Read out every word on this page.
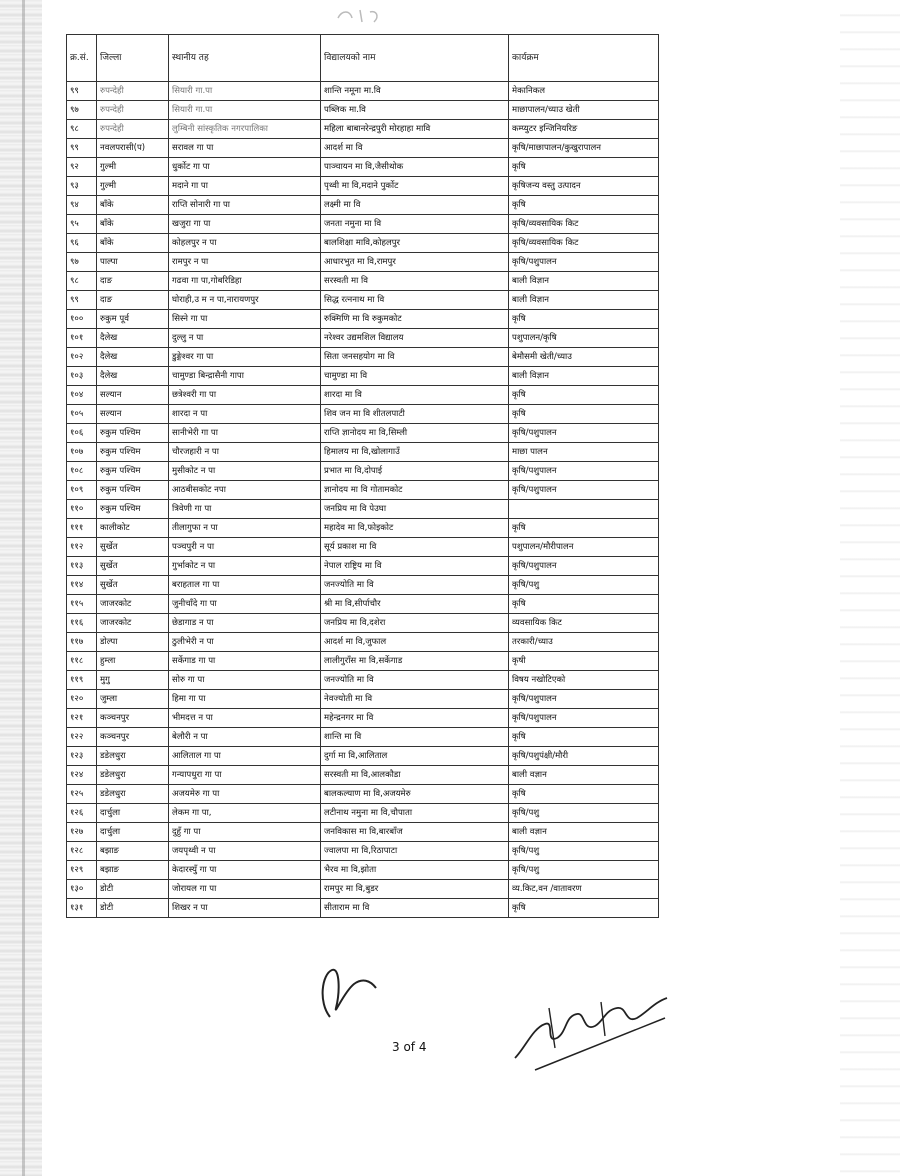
क्र.सं.	जिल्ला	स्थानीय तह	विद्यालयको नाम	कार्यक्रम
९९	रुपन्देही	सियारी गा.पा	शान्ति नमूना मा.वि	मेकानिकल
९७	रुपन्देही	सियारी गा.पा	पब्लिक मा.वि	माछापालन/च्याउ खेती
९८	रुपन्देही	लुम्बिनी सांस्कृतिक नगरपालिका	महिला बाबानरेन्द्रपुरी मोरहाहा मावि	कम्प्युटर इन्जिनियरिङ
९९	नवलपरासी(प)	सरावल गा पा	आदर्श मा वि	कृषि/माछापालन/कुखुरापालन
९२	गुल्मी	धुर्कोट गा पा	पाञ्चायन मा वि,जैसीथोक	कृषि
९३	गुल्मी	मदाने गा पा	पृथ्वी मा वि,मदाने पुर्कोट	कृषिजन्य वस्तु उत्पादन
९४	बाँके	राप्ति सोनारी गा पा	लक्ष्मी मा वि	कृषि
९५	बाँके	खजुरा गा पा	जनता नमुना मा वि	कृषि/व्यवसायिक किट
९६	बाँके	कोहलपुर न पा	बालशिक्षा मावि,कोहलपुर	कृषि/व्यवसायिक किट
९७	पाल्पा	रामपुर न पा	आधारभुत मा वि,रामपुर	कृषि/पशुपालन
९८	दाङ	गढवा गा पा,गोबरिडिहा	सरस्वती मा वि	बाली विज्ञान
९९	दाङ	घोराही,उ म न पा,नारायणपुर	सिद्ध रत्ननाथ मा वि	बाली विज्ञान
१००	रुकुम पूर्व	सिस्ने गा पा	रुक्मिणि मा वि रुकुमकोट	कृषि
१०१	दैलेख	दुल्लु न पा	नरेश्वर उद्यमशिल विद्यालय	पशुपालन/कृषि
१०२	दैलेख	डुङ्गेश्वर गा पा	सिता जनसहयोग मा वि	बेमौसमी खेती/च्याउ
१०३	दैलेख	चामुण्डा बिन्द्रासैनी गापा	चामुण्डा मा वि	बाली विज्ञान
१०४	सल्यान	छत्रेश्वरी गा पा	शारदा मा वि	कृषि
१०५	सल्यान	शारदा न पा	शिव जन मा वि शीतलपाटी	कृषि
१०६	रुकुम पश्चिम	सानीभेरी गा पा	राप्ति ज्ञानोदय मा वि,सिम्ली	कृषि/पशुपालन
१०७	रुकुम पश्चिम	चौरजहारी न पा	हिमालय मा वि,खोलागाउँ	माछा पालन
१०८	रुकुम पश्चिम	मुसीकोट न पा	प्रभात मा वि,दोपाई	कृषि/पशुपालन
१०९	रुकुम पश्चिम	आठबीसकोट नपा	ज्ञानोदय मा वि गोतामकोट	कृषि/पशुपालन
११०	रुकुम पश्चिम	त्रिवेणी गा पा	जनप्रिय मा वि पेउघा	
१११	कालीकोट	तीलागुफा न पा	महादेव मा वि,फोइकोट	कृषि
११२	सुर्खेत	पञ्चपुरी न पा	सूर्य प्रकाश मा वि	पशुपालन/मौरीपालन
११३	सुर्खेत	गुर्भाकोट न पा	नेपाल राष्ट्रिय मा वि	कृषि/पशुपालन
११४	सुर्खेत	बराहताल गा पा	जनज्योति मा वि	कृषि/पशु
११५	जाजरकोट	जुनीचाँदे गा पा	श्री मा वि,सीर्पाचौर	कृषि
११६	जाजरकोट	छेडागाड न पा	जनप्रिय मा वि,दशेरा	व्यवसायिक किट
११७	डोल्पा	ठुलीभेरी न पा	आदर्श मा वि,जुफाल	तरकारी/च्याउ
११८	हुम्ला	सर्केगाड गा पा	लालीगुराँस मा वि,सर्केगाड	कृषी
११९	मुगु	सोरु गा पा	जनज्योति मा वि	विषय नखोटिएको
१२०	जुम्ला	हिमा गा पा	नेवज्योती मा वि	कृषि/पशुपालन
१२१	कञ्चनपुर	भीमदत्त न पा	महेन्द्रनगर मा वि	कृषि/पशुपालन
१२२	कञ्चनपुर	बेलौरी न पा	शान्ति मा वि	कृषि
१२३	डडेलधुरा	आलिताल गा पा	दुर्गा मा वि,आलिताल	कृषि/पशुपंक्षी/मौरी
१२४	डडेलधुरा	गन्यापधुरा गा पा	सरस्वती मा वि,आलकौडा	बाली वज्ञान
१२५	डडेलधुरा	अजयमेरु गा पा	बालकल्याण मा वि,अजयमेरु	कृषि
१२६	दार्चुला	लेकम गा पा,	लटीनाथ नमुना मा वि,चौपाता	कृषि/पशु
१२७	दार्चुला	दुहुँ गा पा	जनविकास मा वि,बारबाँज	बाली वज्ञान
१२८	बझाङ	जयपृथ्वी न पा	ज्वालपा मा वि,रिठापाटा	कृषि/पशु
१२९	बझाङ	केदारस्युँ गा पा	भैरव मा वि,झोता	कृषि/पशु
१३०	डोटी	जोरायल गा पा	रामपुर मा वि,बुडर	व्य.किट,वन /वातावरण
१३१	डोटी	शिखर न पा	सीताराम मा वि	कृषि
3 of 4
